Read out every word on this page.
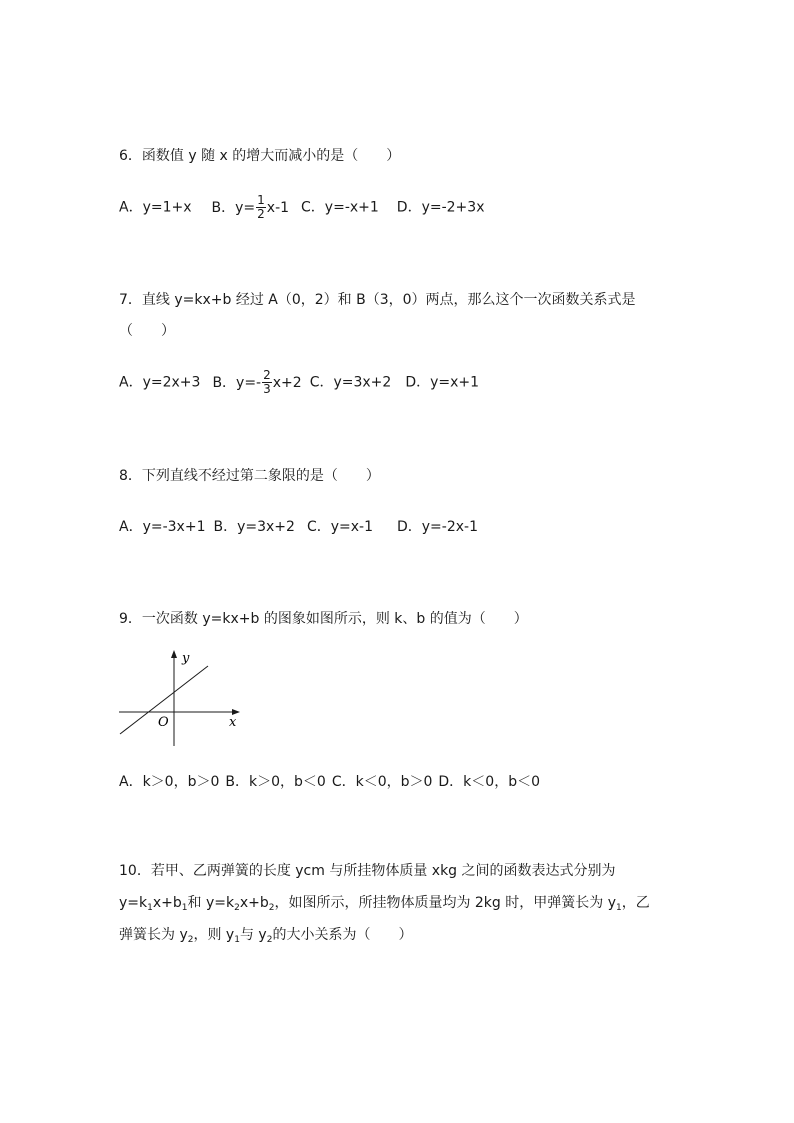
6．函数值 y 随 x 的增大而减小的是（　　）
A．y=1+x B．$y= \frac{1}{2} x-1$ C．y=-x+1 D．y=-2+3x
7．直线 y=kx+b 经过 A（0，2）和 B（3，0）两点，那么这个一次函数关系式是
（　　）
A．y=2x+3 B．$y=- \frac{2}{3} x+2$ C．y=3x+2 D．y=x+1
8．下列直线不经过第二象限的是（　　）
A．y=-3x+1 B．y=3x+2 C．y=x-1 D．y=-2x-1
9．一次函数 y=kx+b 的图象如图所示，则 k、b 的值为（　　）
y
x
O
A．k＞0，b＞0 B．k＞0，b＜0 C．k＜0，b＞0 D．k＜0，b＜0
10．若甲、乙两弹簧的长度 ycm 与所挂物体质量 xkg 之间的函数表达式分别为
$y=k_1x+b_1$和 $y=k_2x+b_2$，如图所示，所挂物体质量均为 2kg 时，甲弹簧长为 $y_1$，乙
弹簧长为 $y_2$，则 $y_1$与 $y_2$的大小关系为（　　）
